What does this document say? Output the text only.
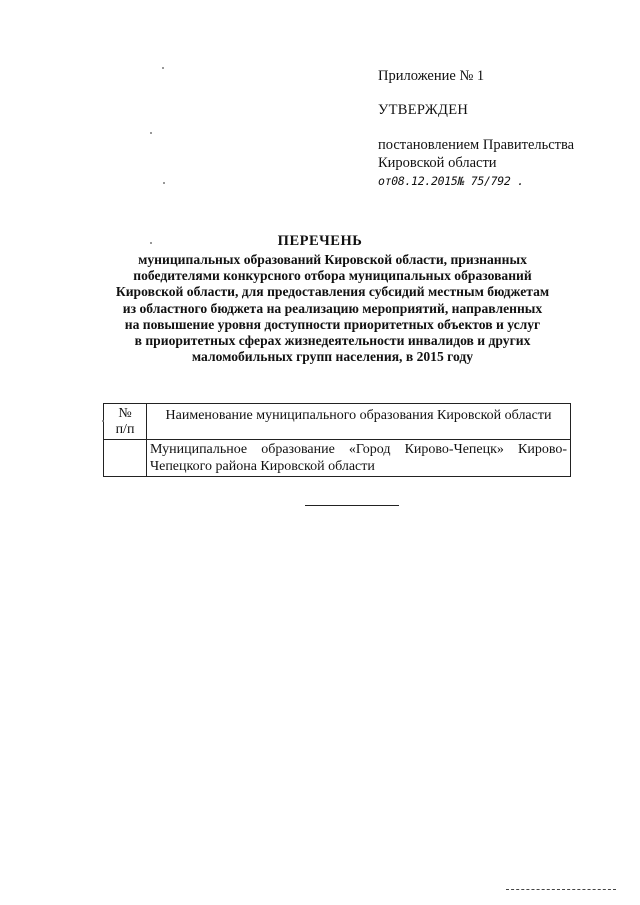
Приложение № 1
УТВЕРЖДЕН
постановлением Правительства
Кировской области
от08.12.2015№ 75/792 .
ПЕРЕЧЕНЬ
муниципальных образований Кировской области, признанных
победителями конкурсного отбора муниципальных образований
Кировской области, для предоставления субсидий местным бюджетам
из областного бюджета на реализацию мероприятий, направленных
на повышение уровня доступности приоритетных объектов и услуг
в приоритетных сферах жизнедеятельности инвалидов и других
маломобильных групп населения, в 2015 году
№
п/п	Наименование муниципального образования Кировской области
	Муниципальное образование «Город Кирово-Чепецк» Кирово-Чепецкого района Кировской области
